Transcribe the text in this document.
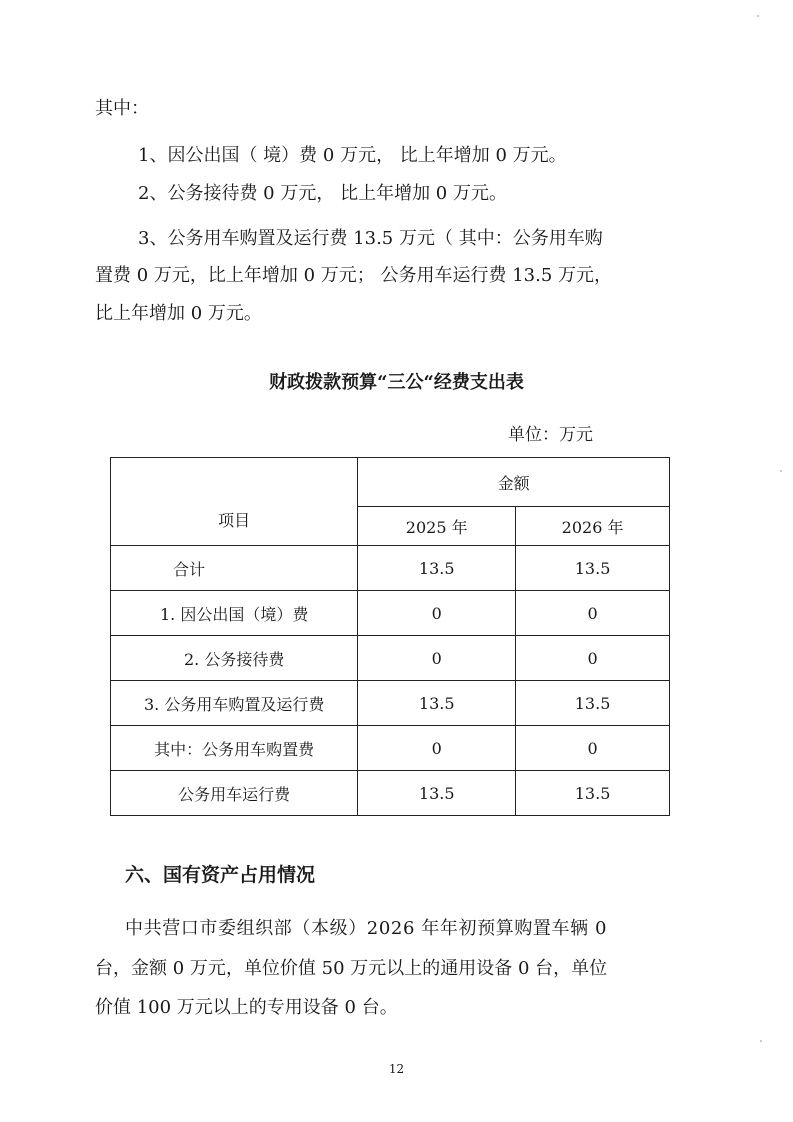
其中：
1、因公出国（ 境）费 0 万元， 比上年增加 0 万元。
2、公务接待费 0 万元， 比上年增加 0 万元。
3、公务用车购置及运行费 13.5 万元（ 其中：公务用车购
置费 0 万元，比上年增加 0 万元； 公务用车运行费 13.5 万元，
比上年增加 0 万元。
财政拨款预算“三公“经费支出表
单位：万元
项目	金额	
	2025 年	2026 年
合计	13.5	13.5
1. 因公出国（境）费	0	0
2. 公务接待费	0	0
3. 公务用车购置及运行费	13.5	13.5
其中：公务用车购置费	0	0
公务用车运行费	13.5	13.5
六、国有资产占用情况
中共营口市委组织部（本级）2026 年年初预算购置车辆 0
台，金额 0 万元，单位价值 50 万元以上的通用设备 0 台，单位
价值 100 万元以上的专用设备 0 台。
12
